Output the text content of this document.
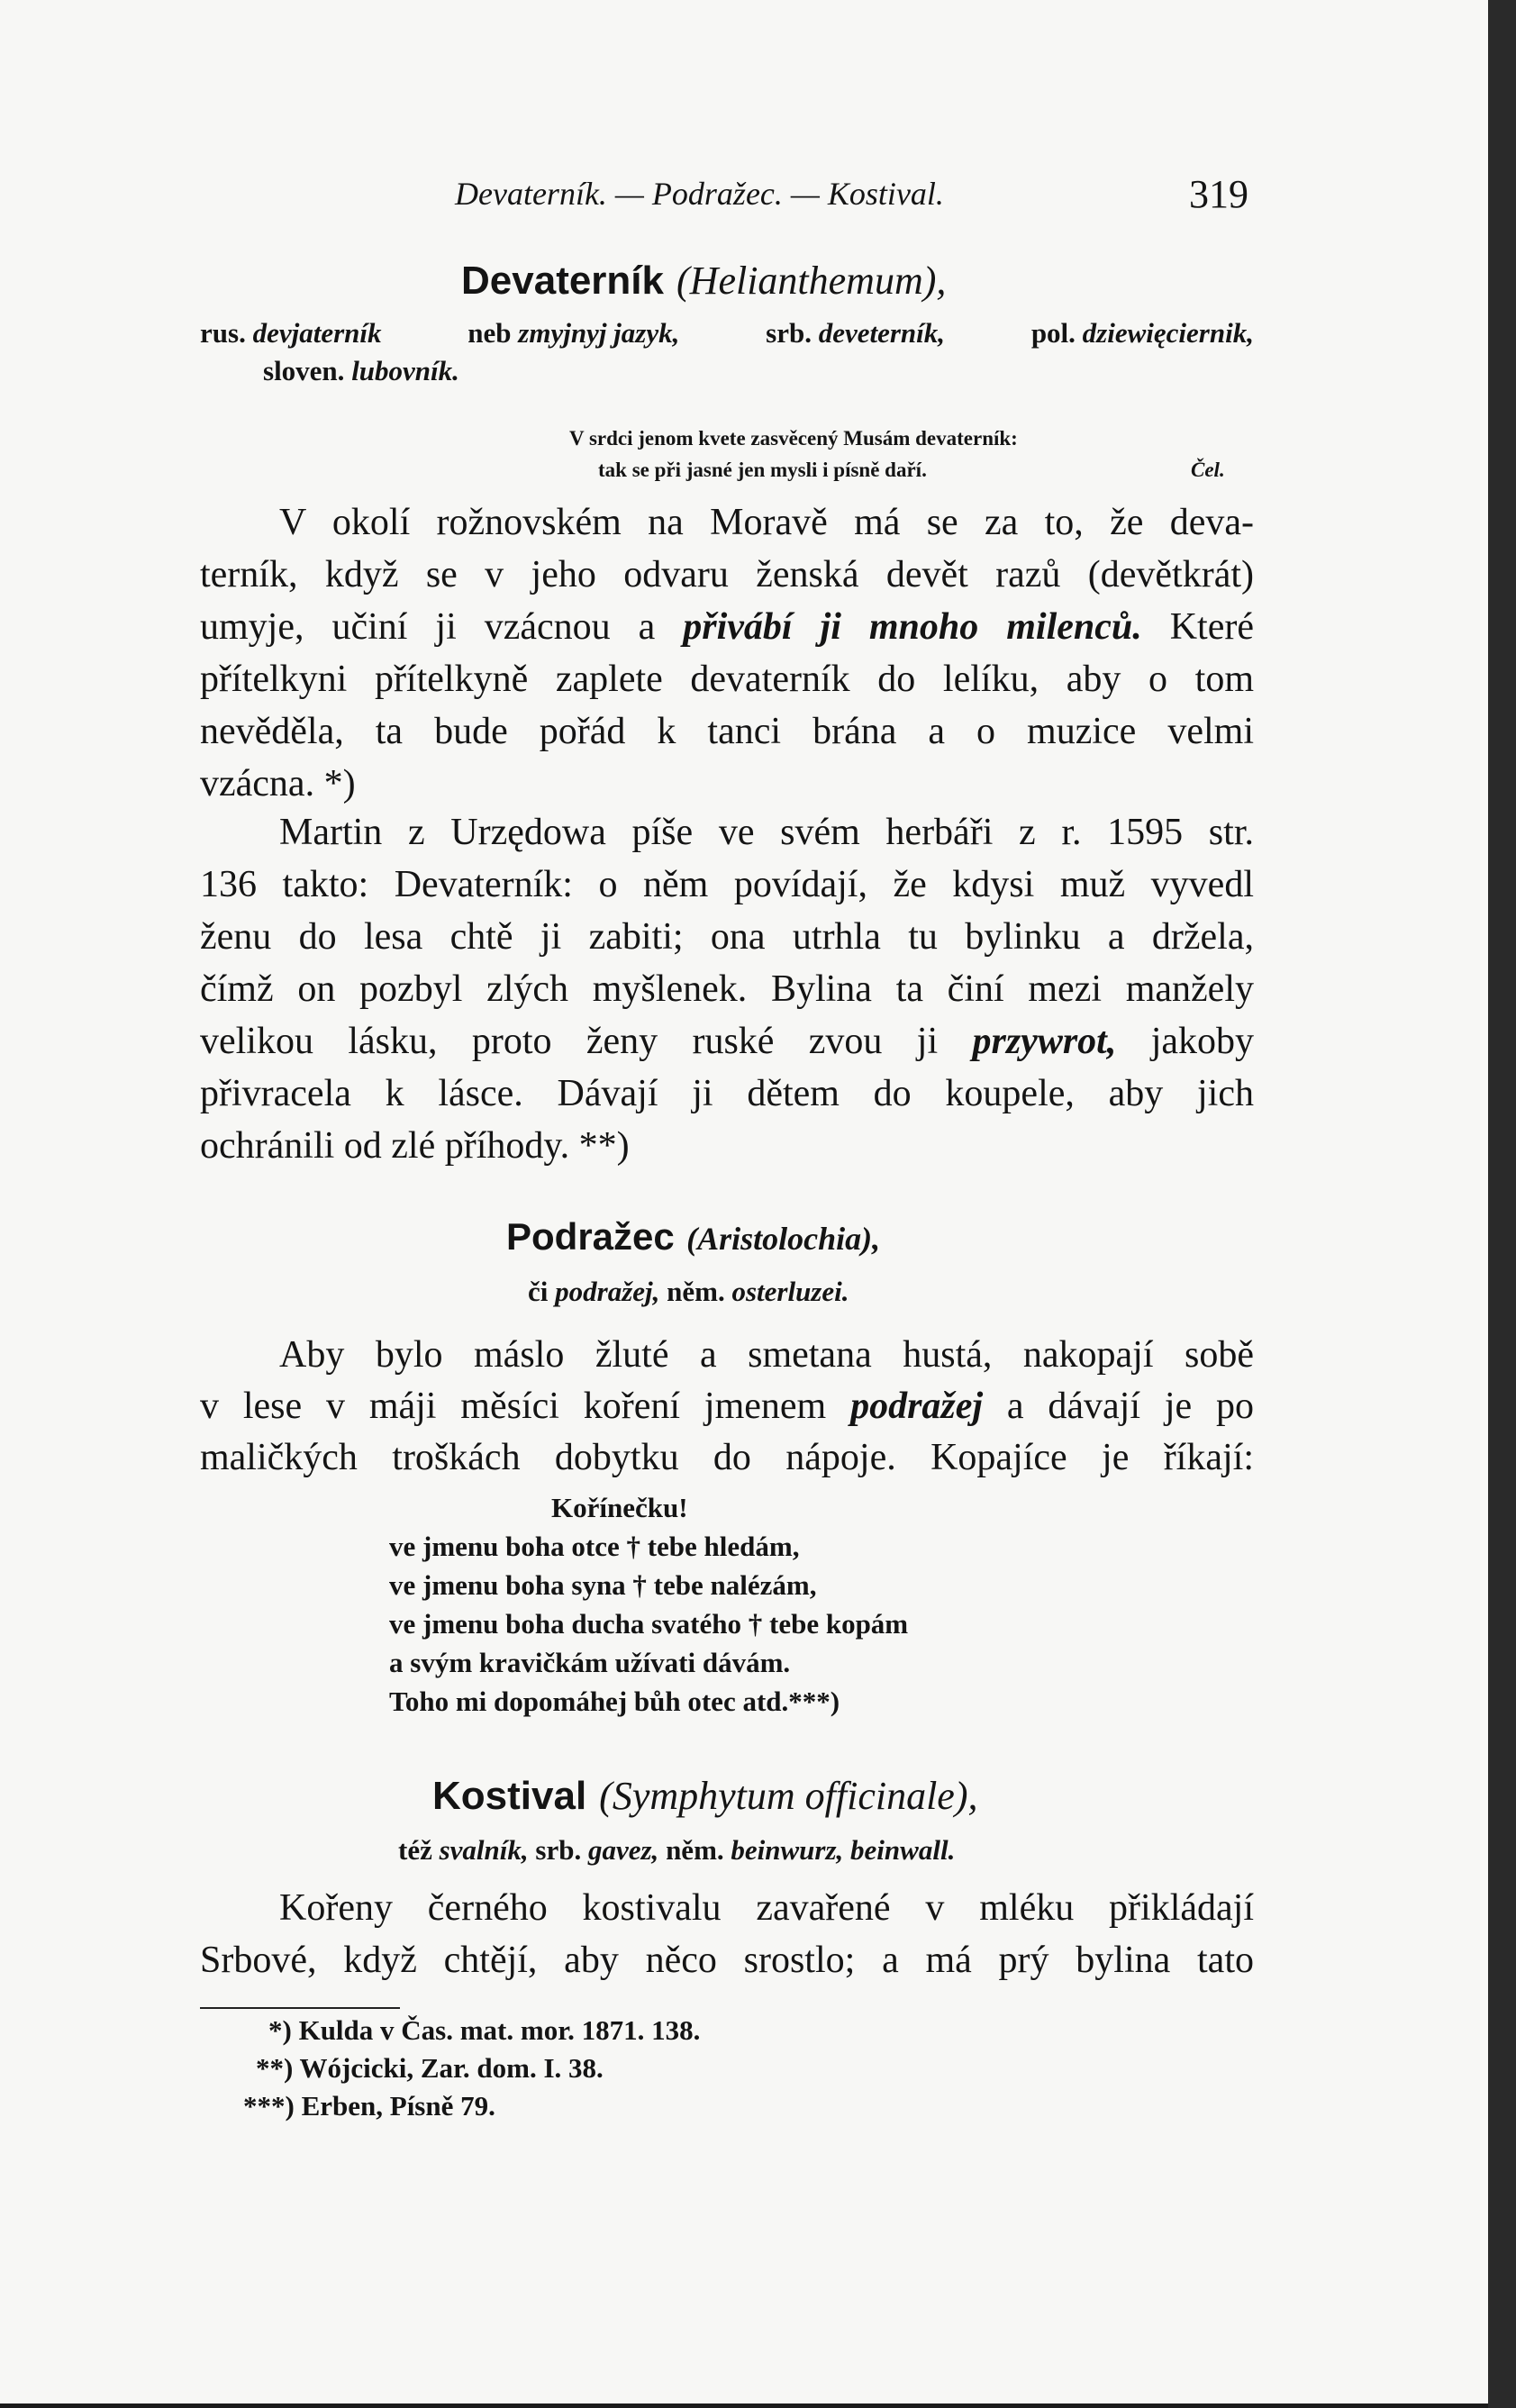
Devaterník. — Podražec. — Kostival.	319
Devaterník (Helianthemum),
rus. devjaterník	neb zmyjnyj jazyk,	srb. deveterník,	pol. dziewięciernik,
sloven. lubovník.
V srdci jenom kvete zasvěcený Musám devaterník:
tak se při jasné jen mysli i písně daří.	Čel.
V okolí rožnovském na Moravě má se za to, že deva-
terník, když se v jeho odvaru ženská devět razů (devětkrát)
umyje, učiní ji vzácnou a přivábí ji mnoho milenců. Které
přítelkyni přítelkyně zaplete devaterník do lelíku, aby o tom
nevěděla, ta bude pořád k tanci brána a o muzice velmi
vzácna. *)
Martin z Urzędowa píše ve svém herbáři z r. 1595 str.
136 takto: Devaterník: o něm povídají, že kdysi muž vyvedl
ženu do lesa chtě ji zabiti; ona utrhla tu bylinku a držela,
čímž on pozbyl zlých myšlenek. Bylina ta činí mezi manžely
velikou lásku, proto ženy ruské zvou ji przywrot, jakoby
přivracela k lásce. Dávají ji dětem do koupele, aby jich
ochránili od zlé příhody. **)
Podražec (Aristolochia),
či podražej, něm. osterluzei.
Aby bylo máslo žluté a smetana hustá, nakopají sobě
v lese v máji měsíci koření jmenem podražej a dávají je po
maličkých troškách dobytku do nápoje. Kopajíce je říkají:
Kořínečku!
ve jmenu boha otce † tebe hledám,
ve jmenu boha syna † tebe nalézám,
ve jmenu boha ducha svatého † tebe kopám
a svým kravičkám užívati dávám.
Toho mi dopomáhej bůh otec atd.***)
Kostival (Symphytum officinale),
též svalník, srb. gavez, něm. beinwurz, beinwall.
Kořeny černého kostivalu zavařené v mléku přikládají
Srbové, když chtějí, aby něco srostlo; a má prý bylina tato
*) Kulda v Čas. mat. mor. 1871. 138.
**) Wójcicki, Zar. dom. I. 38.
***) Erben, Písně 79.
